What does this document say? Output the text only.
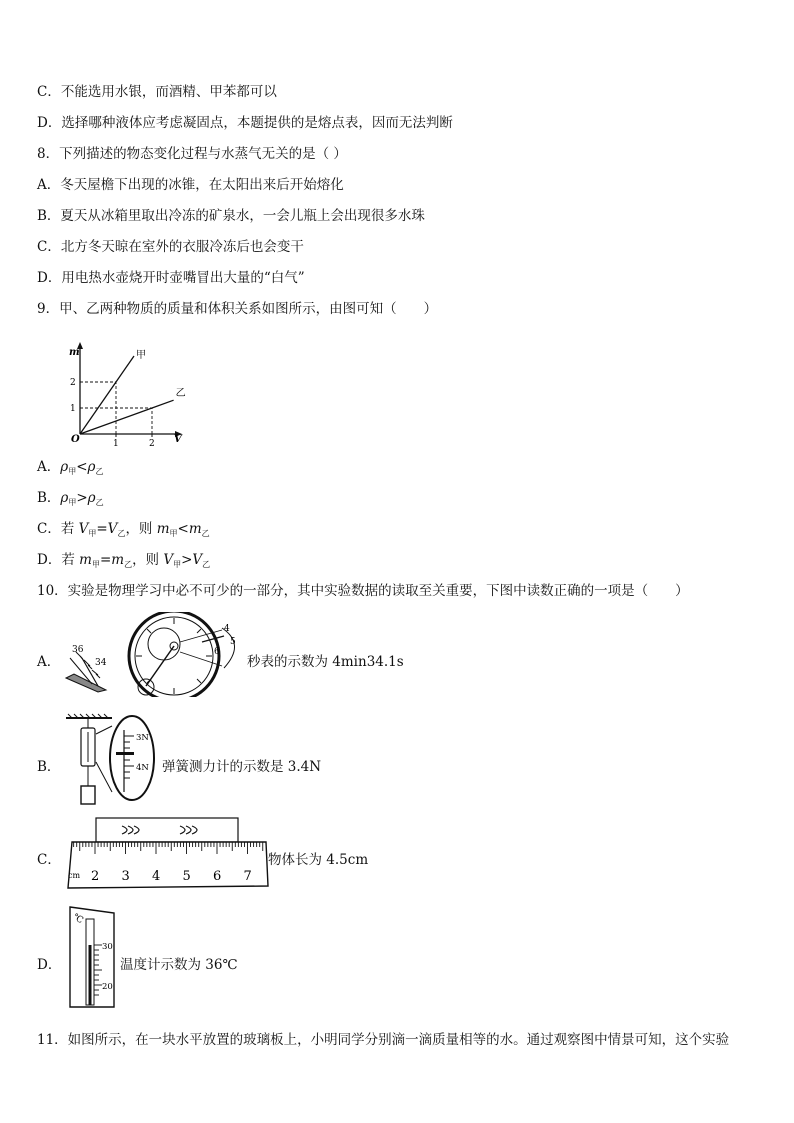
C．不能选用水银，而酒精、甲苯都可以
D．选择哪种液体应考虑凝固点，本题提供的是熔点表，因而无法判断
8．下列描述的物态变化过程与水蒸气无关的是（ ）
A．冬天屋檐下出现的冰锥，在太阳出来后开始熔化
B．夏天从冰箱里取出冷冻的矿泉水，一会儿瓶上会出现很多水珠
C．北方冬天晾在室外的衣服冷冻后也会变干
D．用电热水壶烧开时壶嘴冒出大量的“白气”
9．甲、乙两种物质的质量和体积关系如图所示，由图可知（　　）
m
V
O	1	2
1
2
甲
乙
A．$\rho_甲<\rho_乙$
B．$\rho_甲>\rho_乙$
C．若 $V_甲=V_乙$，则 $m_甲<m_乙$
D．若 $m_甲=m_乙$，则 $V_甲>V_乙$
10．实验是物理学习中必不可少的一部分，其中实验数据的读取至关重要，下图中读数正确的一项是（　　）
A．
36
34
4
5
6
秒表的示数为 4min34.1s
B．
3N
4N 弹簧测力计的示数是 3.4N
C．
cm 2 3 4 5 6 7
物体长为 4.5cm
D．
℃
30
20
温度计示数为 36℃
11．如图所示，在一块水平放置的玻璃板上，小明同学分别滴一滴质量相等的水。通过观察图中情景可知，这个实验
